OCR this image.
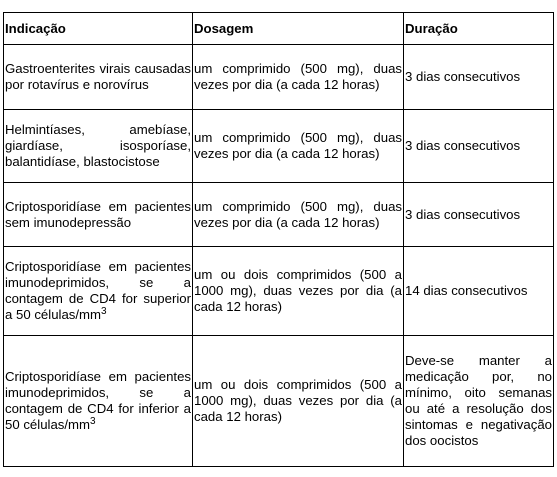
Indicação	Dosagem	Duração

Gastroenterites virais causadas por rotavírus e norovírus	um comprimido (500 mg), duas vezes por dia (a cada 12 horas)	3 dias consecutivos

Helmintíases, amebíase, giardíase, isosporíase, balantidíase, blastocistose	um comprimido (500 mg), duas vezes por dia (a cada 12 horas)	3 dias consecutivos

Criptosporidíase em pacientes sem imunodepressão	um comprimido (500 mg), duas vezes por dia (a cada 12 horas)	3 dias consecutivos

Criptosporidíase em pacientes imunodeprimidos, se a contagem de CD4 for superior a 50 células/$mm^3$	um ou dois comprimidos (500 a 1000 mg), duas vezes por dia (a cada 12 horas)	14 dias consecutivos

Criptosporidíase em pacientes imunodeprimidos, se a contagem de CD4 for inferior a 50 células/$mm^3$	um ou dois comprimidos (500 a 1000 mg), duas vezes por dia (a cada 12 horas)	Deve-se manter a medicação por, no mínimo, oito semanas ou até a resolução dos sintomas e negativação dos oocistos
